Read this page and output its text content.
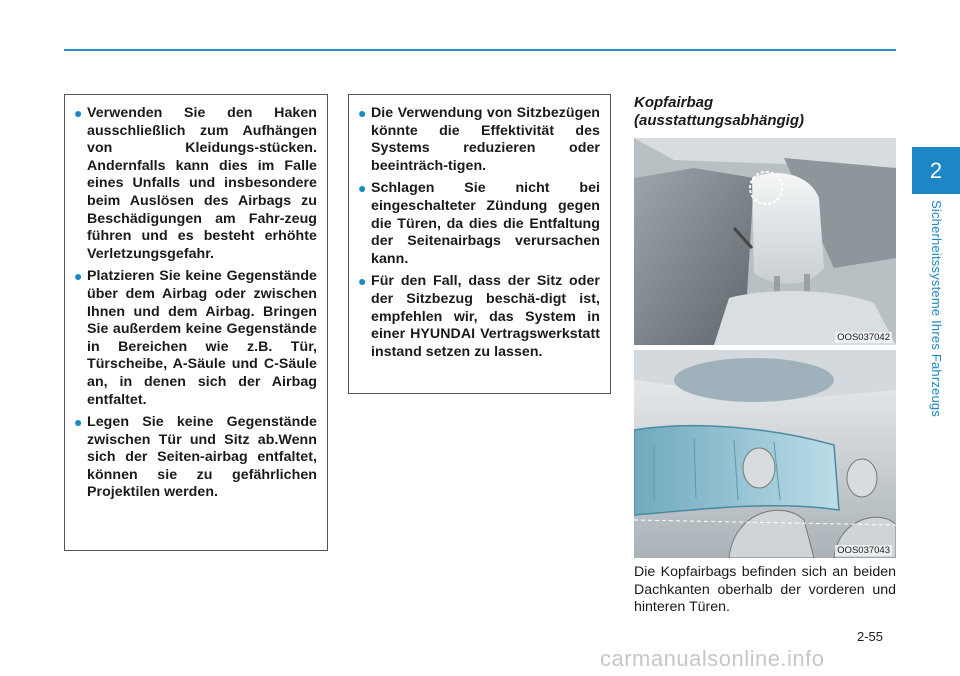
2
Sicherheitssysteme Ihres Fahrzeugs
● Verwenden Sie den Haken ausschließlich zum Aufhängen von Kleidungs-stücken. Andernfalls kann dies im Falle eines Unfalls und insbesondere beim Auslösen des Airbags zu Beschädigungen am Fahr-zeug führen und es besteht erhöhte Verletzungsgefahr.
● Platzieren Sie keine Gegenstände über dem Airbag oder zwischen Ihnen und dem Airbag. Bringen Sie außerdem keine Gegenstände in Bereichen wie z.B. Tür, Türscheibe, A-Säule und C-Säule an, in denen sich der Airbag entfaltet.
● Legen Sie keine Gegenstände zwischen Tür und Sitz ab.Wenn sich der Seiten-airbag entfaltet, können sie zu gefährlichen Projektilen werden.
● Die Verwendung von Sitzbezügen könnte die Effektivität des Systems reduzieren oder beeinträch-tigen.
● Schlagen Sie nicht bei eingeschalteter Zündung gegen die Türen, da dies die Entfaltung der Seitenairbags verursachen kann.
● Für den Fall, dass der Sitz oder der Sitzbezug beschä-digt ist, empfehlen wir, das System in einer HYUNDAI Vertragswerkstatt instand setzen zu lassen.
Kopfairbag
(ausstattungsabhängig)
OOS037042
OOS037043

Die Kopfairbags befinden sich an beiden Dachkanten oberhalb der vorderen und hinteren Türen.

2-55
carmanualsonline.info
